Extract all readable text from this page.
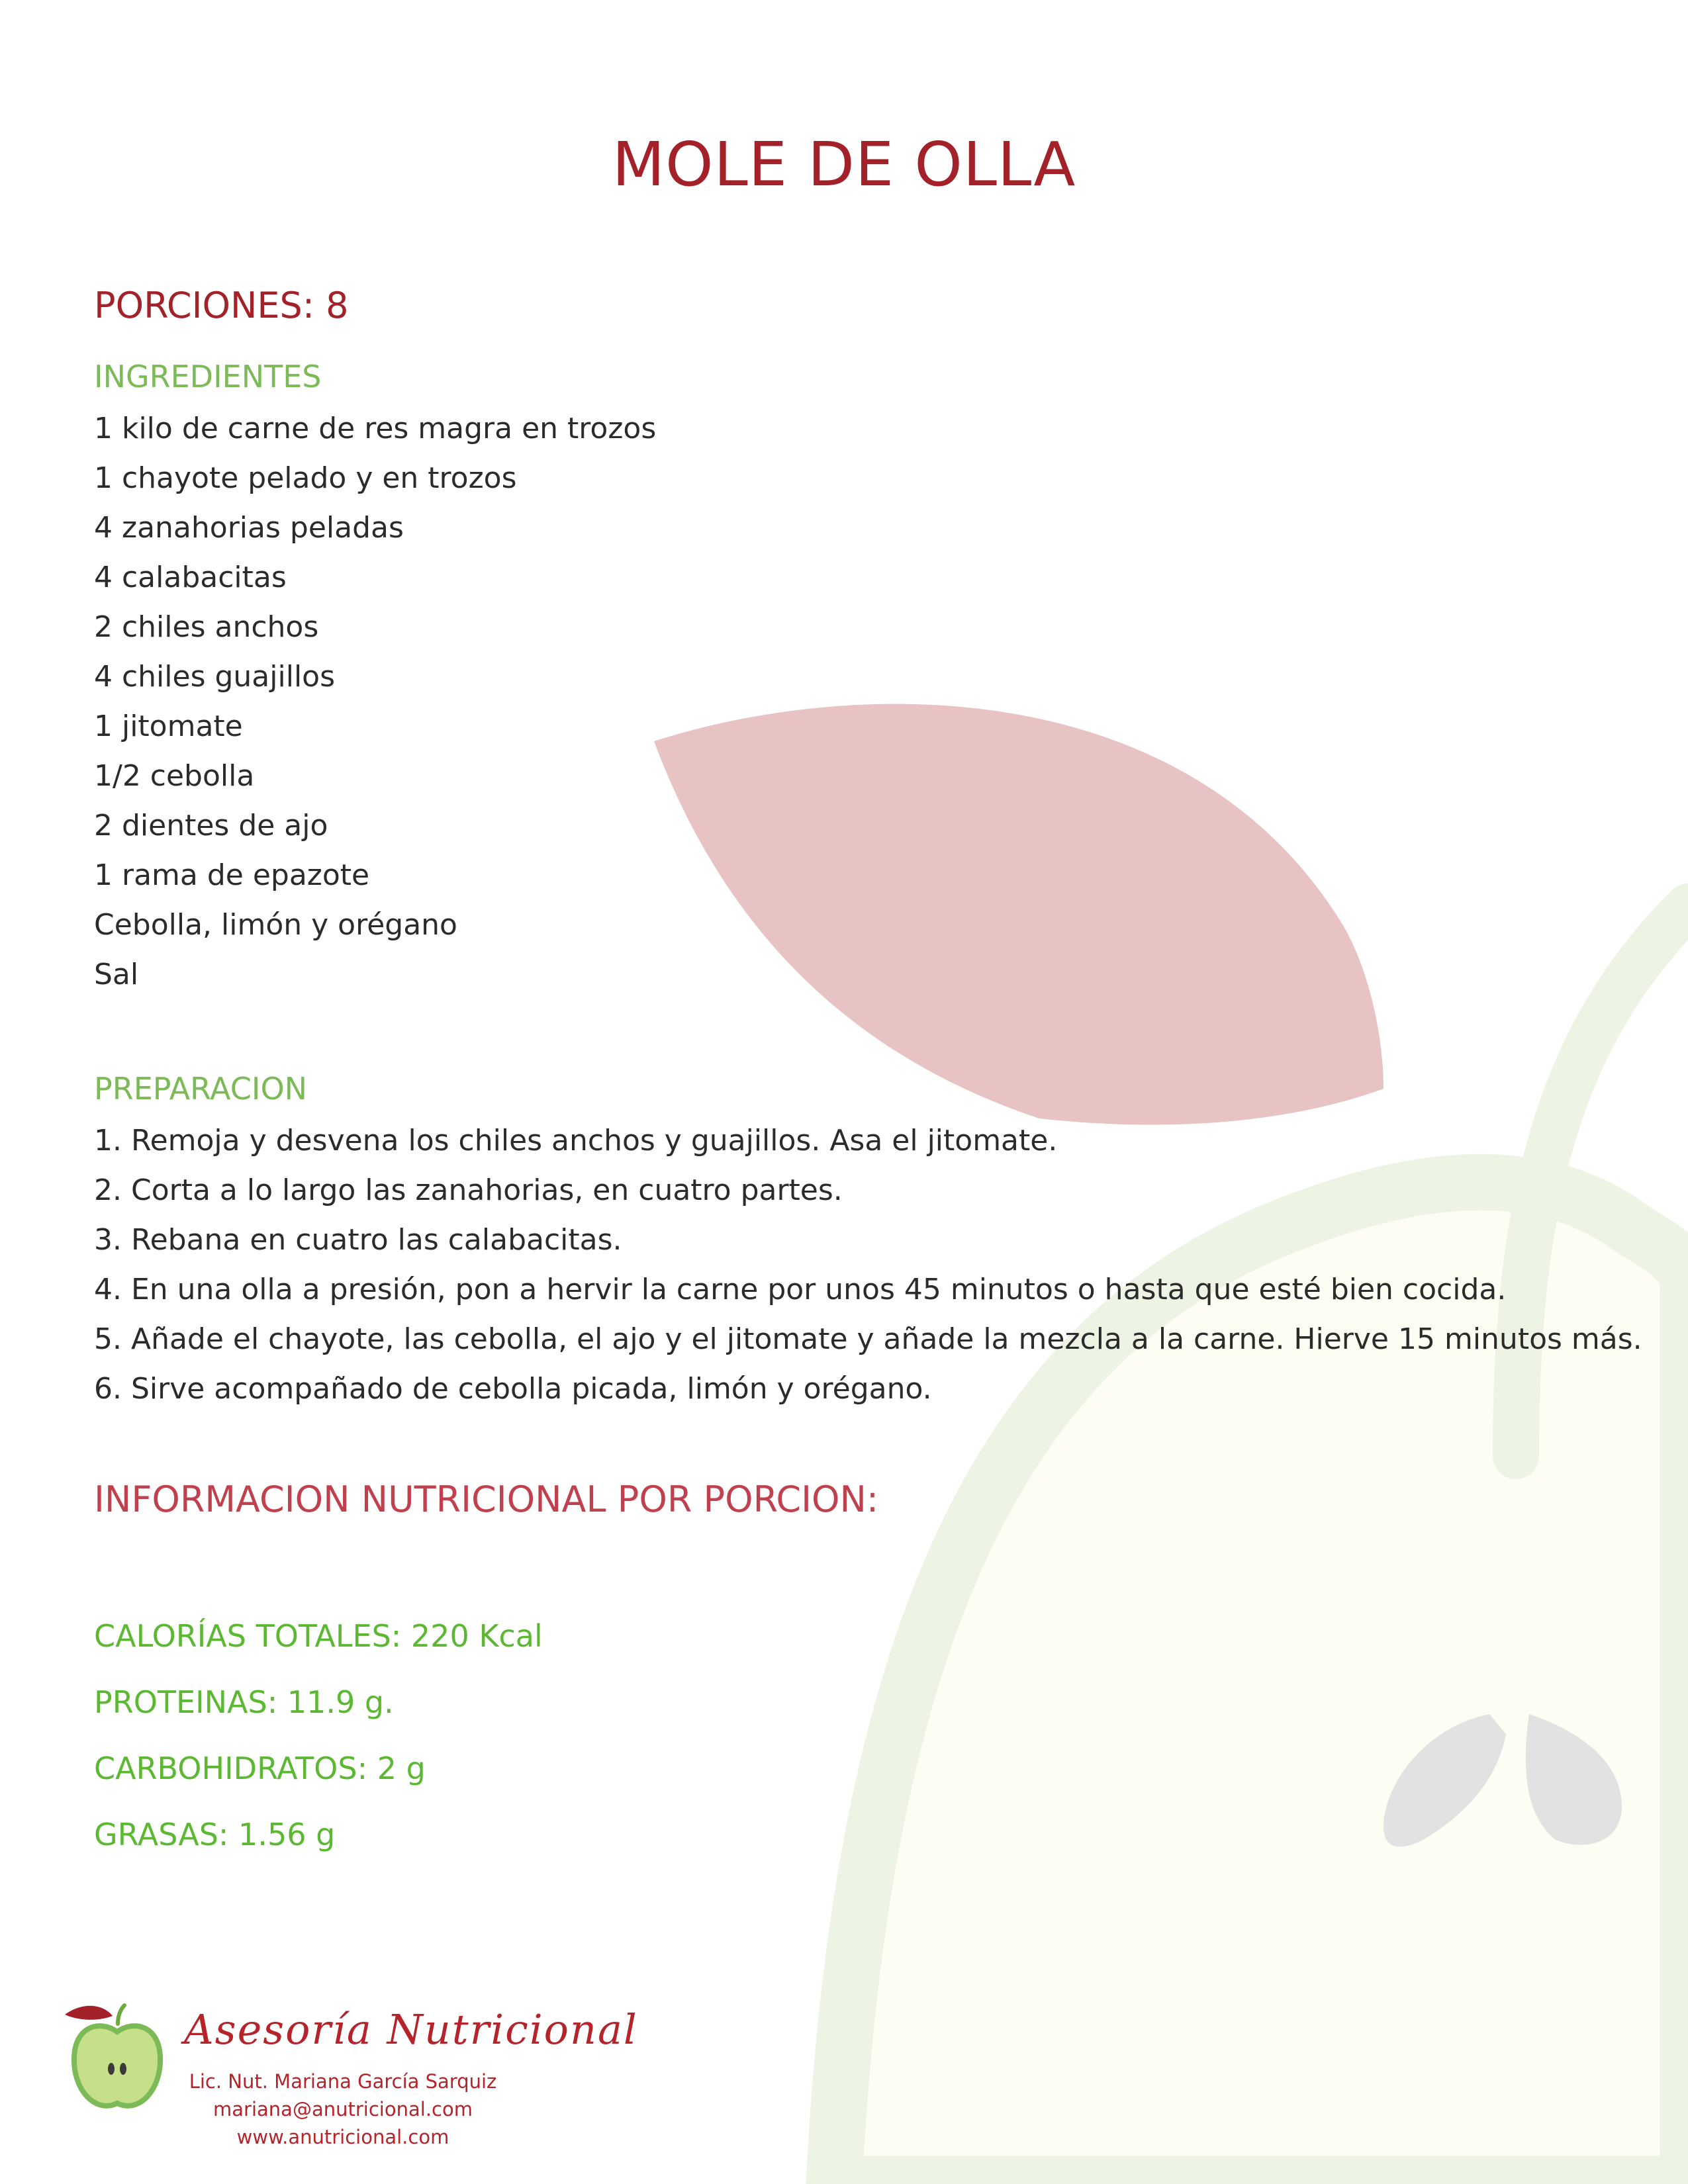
MOLE DE OLLA
PORCIONES: 8
INGREDIENTES
1 kilo de carne de res magra en trozos
1 chayote pelado y en trozos
4 zanahorias peladas
4 calabacitas
2 chiles anchos
4 chiles guajillos
1 jitomate
1/2 cebolla
2 dientes de ajo
1 rama de epazote
Cebolla, limón y orégano
Sal
PREPARACION
1. Remoja y desvena los chiles anchos y guajillos. Asa el jitomate.
2. Corta a lo largo las zanahorias, en cuatro partes.
3. Rebana en cuatro las calabacitas.
4. En una olla a presión, pon a hervir la carne por unos 45 minutos o hasta que esté bien cocida.
5. Añade el chayote, las cebolla, el ajo y el jitomate y añade la mezcla a la carne. Hierve 15 minutos más.
6. Sirve acompañado de cebolla picada, limón y orégano.
INFORMACION NUTRICIONAL POR PORCION:
CALORÍAS TOTALES: 220 Kcal
PROTEINAS: 11.9 g.
CARBOHIDRATOS: 2 g
GRASAS: 1.56 g
Asesoría Nutricional
Lic. Nut. Mariana García Sarquiz
mariana@anutricional.com
www.anutricional.com
